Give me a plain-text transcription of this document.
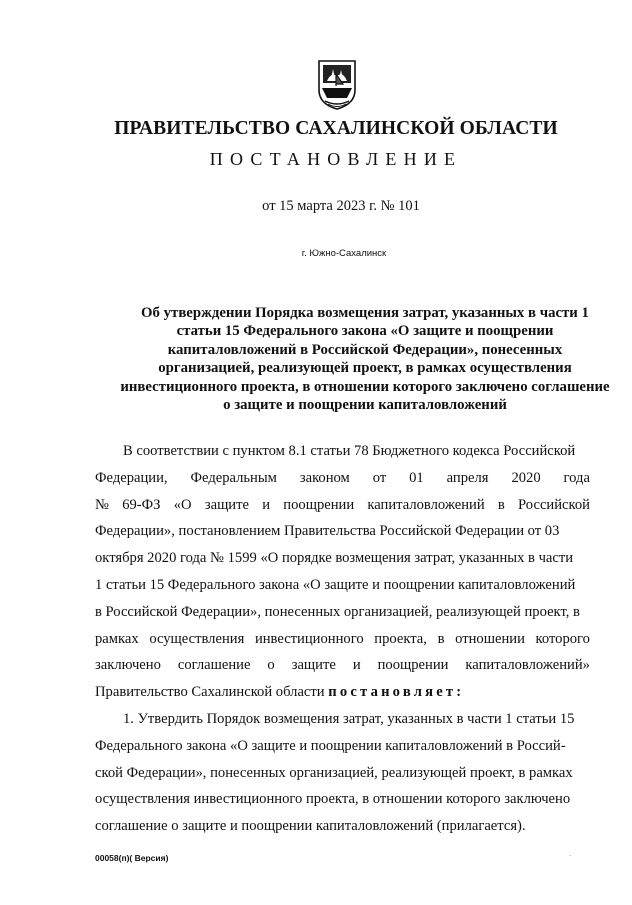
ПРАВИТЕЛЬСТВО САХАЛИНСКОЙ ОБЛАСТИ
ПОСТАНОВЛЕНИЕ
от 15 марта 2023 г. № 101
г. Южно-Сахалинск
Об утверждении Порядка возмещения затрат, указанных в части 1
статьи 15 Федерального закона «О защите и поощрении
капиталовложений в Российской Федерации», понесенных
организацией, реализующей проект, в рамках осуществления
инвестиционного проекта, в отношении которого заключено соглашение
о защите и поощрении капиталовложений
В соответствии с пунктом 8.1 статьи 78 Бюджетного кодекса Российской
Федерации, Федеральным законом от 01 апреля 2020 года
№ 69-ФЗ «О защите и поощрении капиталовложений в Российской
Федерации», постановлением Правительства Российской Федерации от 03
октября 2020 года № 1599 «О порядке возмещения затрат, указанных в части
1 статьи 15 Федерального закона «О защите и поощрении капиталовложений
в Российской Федерации», понесенных организацией, реализующей проект, в
рамках осуществления инвестиционного проекта, в отношении которого
заключено соглашение о защите и поощрении капиталовложений»
Правительство Сахалинской области постановляет:
1. Утвердить Порядок возмещения затрат, указанных в части 1 статьи 15
Федерального закона «О защите и поощрении капиталовложений в Россий-
ской Федерации», понесенных организацией, реализующей проект, в рамках
осуществления инвестиционного проекта, в отношении которого заключено
соглашение о защите и поощрении капиталовложений (прилагается).
00058(п)( Версия)	·
